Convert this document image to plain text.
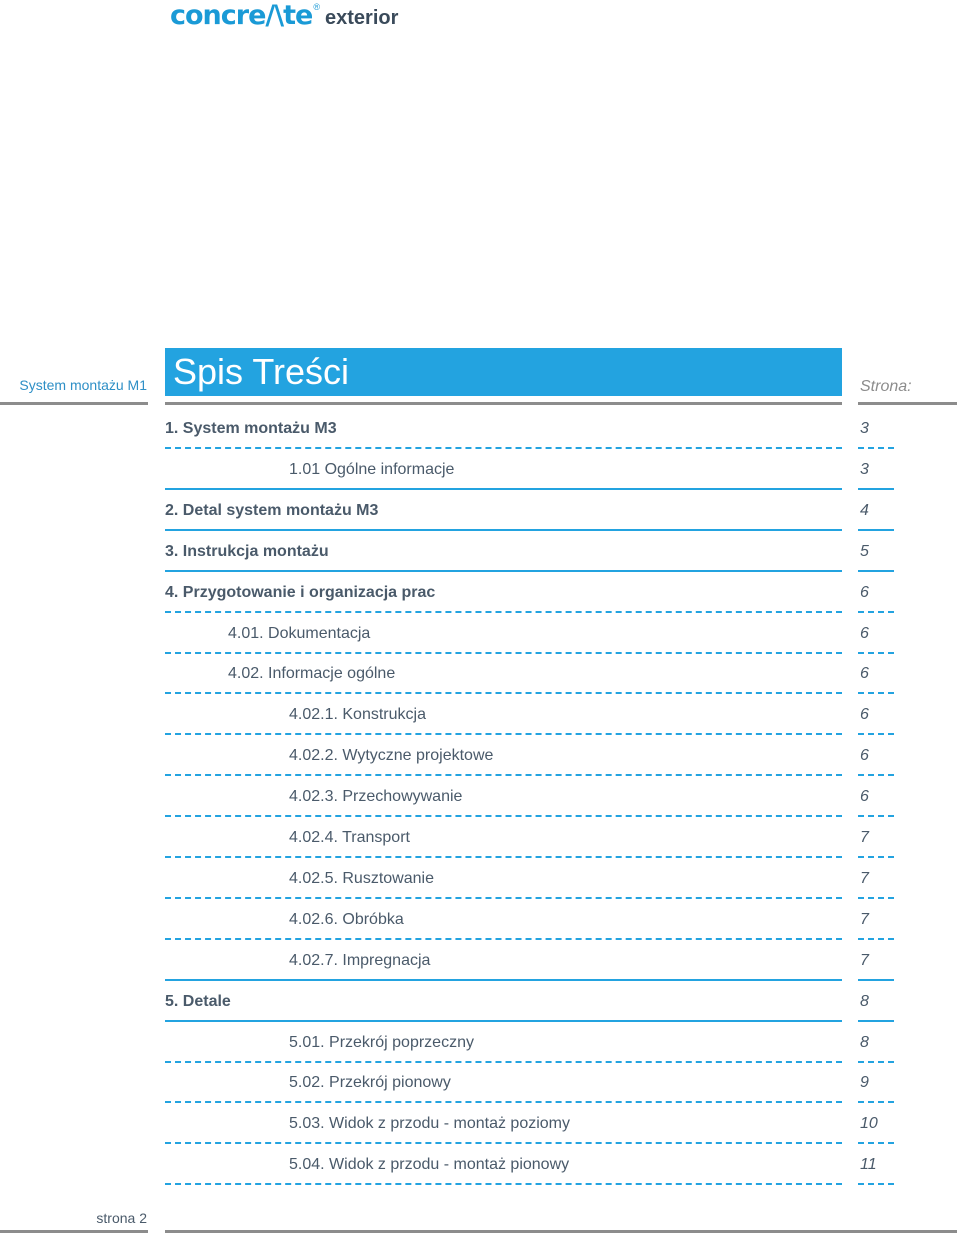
concre/\te ® exterior
System montażu M1 Spis Treści	Strona:
1. System montażu M3	3
1.01 Ogólne informacje	3
2. Detal system montażu M3	4
3. Instrukcja montażu	5
4. Przygotowanie i organizacja prac	6
4.01. Dokumentacja	6
4.02. Informacje ogólne	6
4.02.1. Konstrukcja	6
4.02.2. Wytyczne projektowe	6
4.02.3. Przechowywanie	6
4.02.4. Transport	7
4.02.5. Rusztowanie	7
4.02.6. Obróbka	7
4.02.7. Impregnacja	7
5. Detale	8
5.01. Przekrój poprzeczny	8
5.02. Przekrój pionowy	9
5.03. Widok z przodu - montaż poziomy	10
5.04. Widok z przodu - montaż pionowy	11
strona 2
